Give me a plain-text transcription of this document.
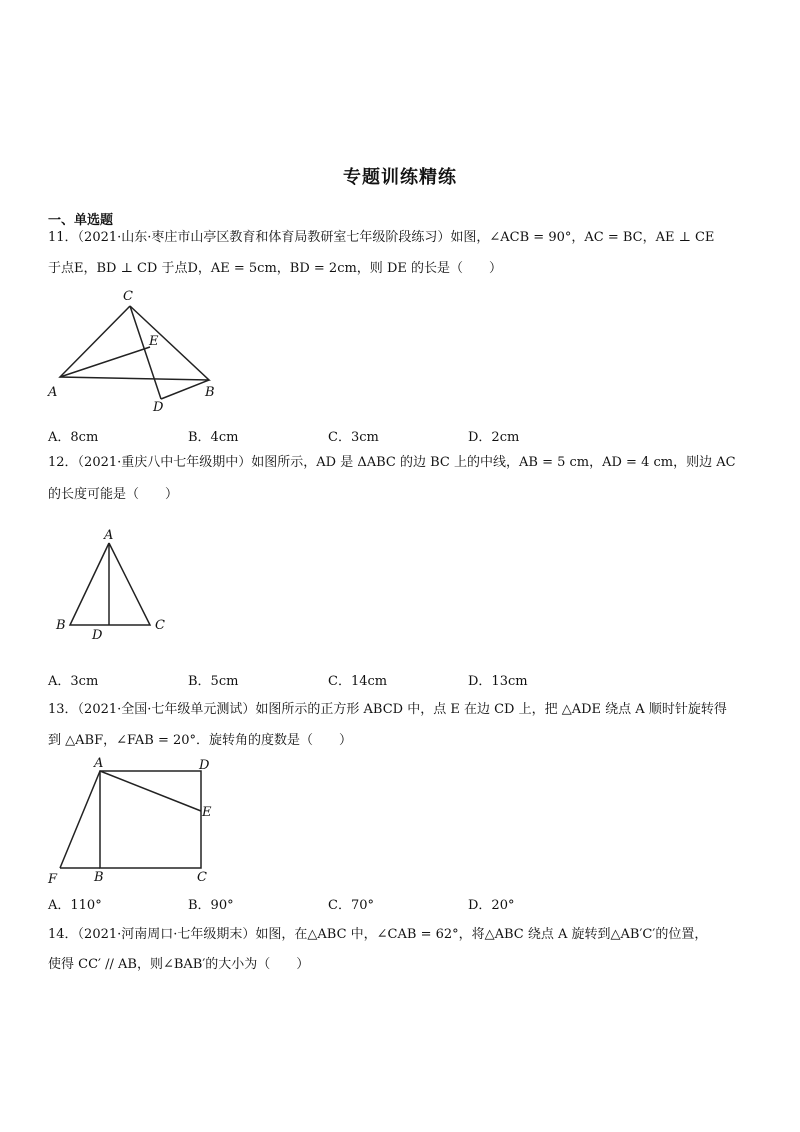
专题训练精练
一、单选题
11．（2021·山东·枣庄市山亭区教育和体育局教研室七年级阶段练习）如图，∠ACB = 90°，AC = BC，AE ⊥ CE
于点E，BD ⊥ CD 于点D，AE = 5cm，BD = 2cm，则 DE 的长是（　　）
C
E
A	B
D
A．8cm	B．4cm	C．3cm	D．2cm
12．（2021·重庆八中七年级期中）如图所示，AD 是 ΔABC 的边 BC 上的中线，AB = 5 cm，AD = 4 cm，则边 AC
的长度可能是（　　）
A
B
D
C
A．3cm	B．5cm	C．14cm	D．13cm
13．（2021·全国·七年级单元测试）如图所示的正方形 ABCD 中，点 E 在边 CD 上，把 △ADE 绕点 A 顺时针旋转得
到 △ABF，∠FAB = 20°．旋转角的度数是（　　）
A	D
E
F	B	C
A．110°	B．90°	C．70°	D．20°
14．（2021·河南周口·七年级期末）如图，在△ABC 中，∠CAB = 62°，将△ABC 绕点 A 旋转到△AB′C′的位置，
使得 CC′ // AB，则∠BAB′的大小为（　　）
